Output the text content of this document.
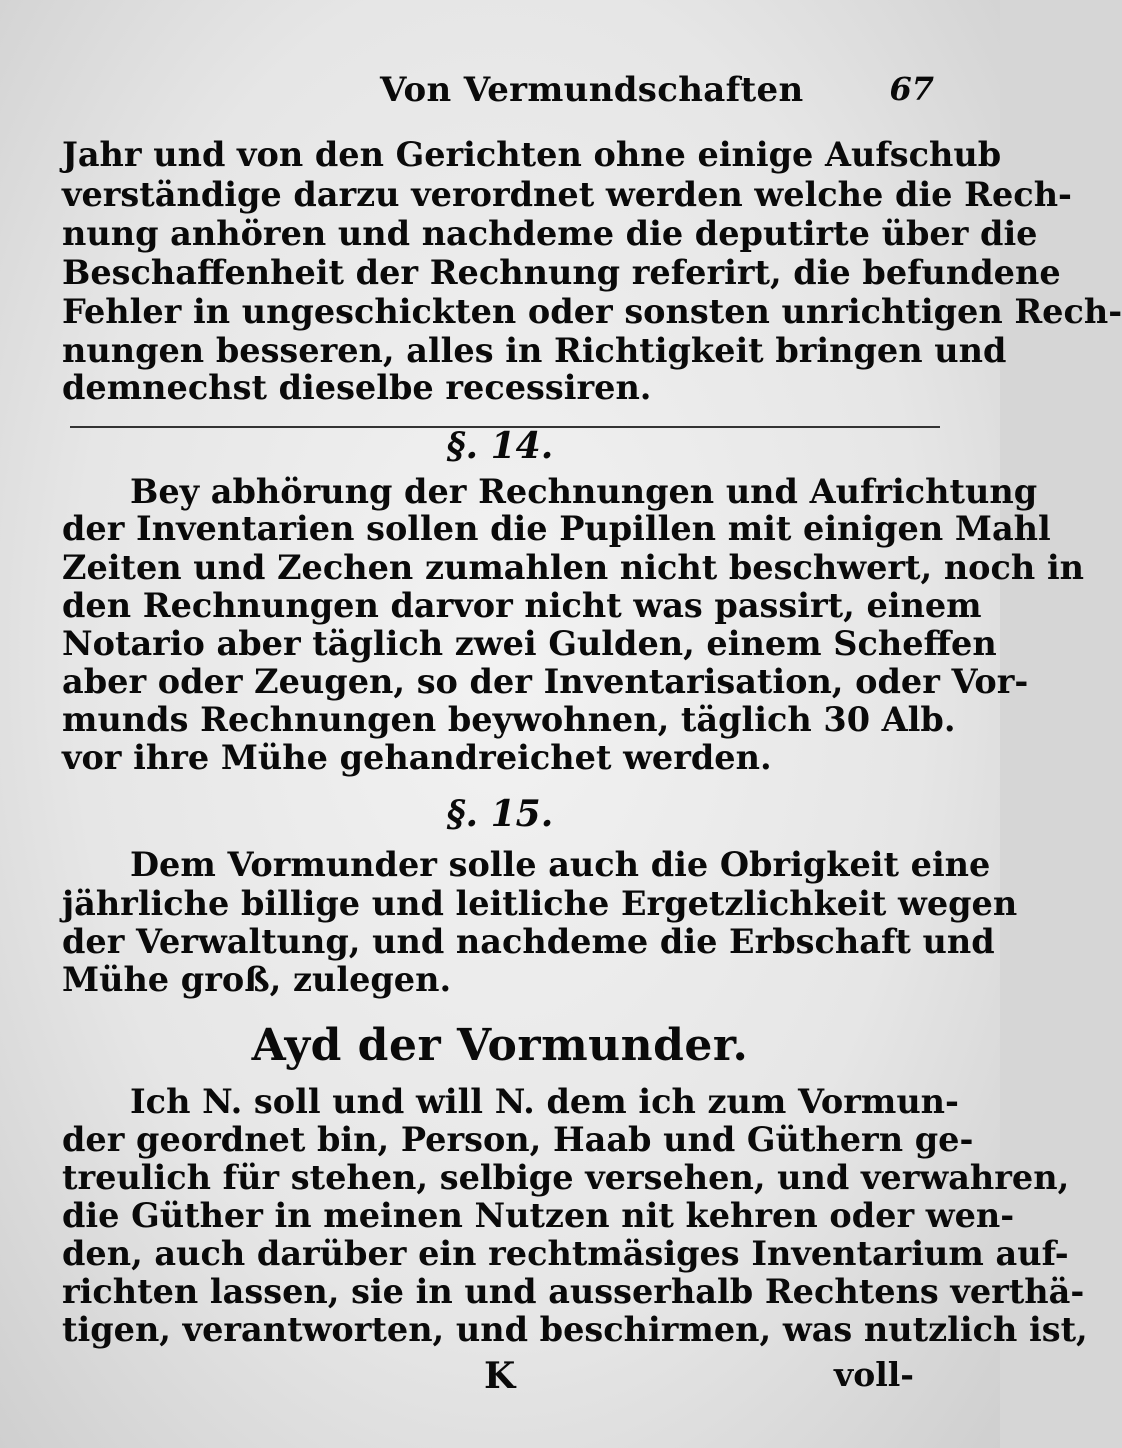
Von Vermundschaften	67
Jahr und von den Gerichten ohne einige Aufschub
verständige darzu verordnet werden welche die Rech-
nung anhören und nachdeme die deputirte über die
Beschaffenheit der Rechnung referirt, die befundene
Fehler in ungeschickten oder sonsten unrichtigen Rech-
nungen besseren, alles in Richtigkeit bringen und
demnechst dieselbe recessiren.
§. 14.
Bey abhörung der Rechnungen und Aufrichtung
der Inventarien sollen die Pupillen mit einigen Mahl
Zeiten und Zechen zumahlen nicht beschwert, noch in
den Rechnungen darvor nicht was passirt, einem
Notario aber täglich zwei Gulden, einem Scheffen
aber oder Zeugen, so der Inventarisation, oder Vor-
munds Rechnungen beywohnen, täglich 30 Alb.
vor ihre Mühe gehandreichet werden.
§. 15.
Dem Vormunder solle auch die Obrigkeit eine
jährliche billige und leitliche Ergetzlichkeit wegen
der Verwaltung, und nachdeme die Erbschaft und
Mühe groß, zulegen.
Ayd der Vormunder.
Ich N. soll und will N. dem ich zum Vormun-
der geordnet bin, Person, Haab und Güthern ge-
treulich für stehen, selbige versehen, und verwahren,
die Güther in meinen Nutzen nit kehren oder wen-
den, auch darüber ein rechtmäsiges Inventarium auf-
richten lassen, sie in und ausserhalb Rechtens verthä-
tigen, verantworten, und beschirmen, was nutzlich ist,
K	voll-
